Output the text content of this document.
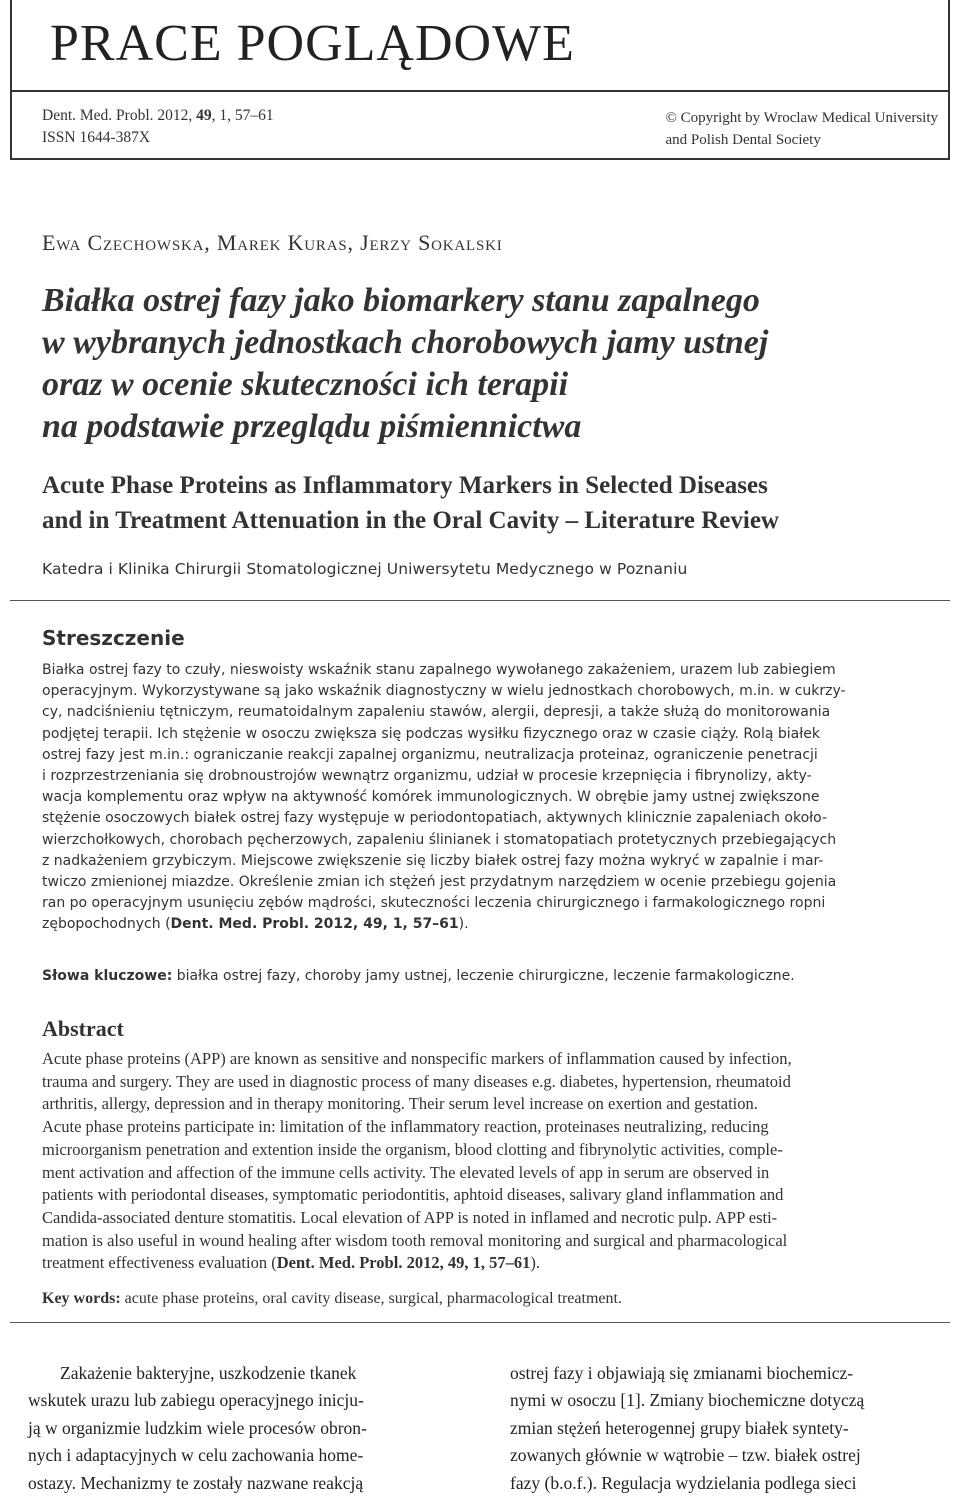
PRACE POGLĄDOWE
Dent. Med. Probl. 2012, 49, 1, 57–61
ISSN 1644-387X
© Copyright by Wroclaw Medical University
and Polish Dental Society
Ewa Czechowska, Marek Kuras, Jerzy Sokalski
Białka ostrej fazy jako biomarkery stanu zapalnego
w wybranych jednostkach chorobowych jamy ustnej
oraz w ocenie skuteczności ich terapii
na podstawie przeglądu piśmiennictwa
Acute Phase Proteins as Inflammatory Markers in Selected Diseases
and in Treatment Attenuation in the Oral Cavity – Literature Review
Katedra i Klinika Chirurgii Stomatologicznej Uniwersytetu Medycznego w Poznaniu
Streszczenie
Białka ostrej fazy to czuły, nieswoisty wskaźnik stanu zapalnego wywołanego zakażeniem, urazem lub zabiegiem
operacyjnym. Wykorzystywane są jako wskaźnik diagnostyczny w wielu jednostkach chorobowych, m.in. w cukrzy-
cy, nadciśnieniu tętniczym, reumatoidalnym zapaleniu stawów, alergii, depresji, a także służą do monitorowania
podjętej terapii. Ich stężenie w osoczu zwiększa się podczas wysiłku fizycznego oraz w czasie ciąży. Rolą białek
ostrej fazy jest m.in.: ograniczanie reakcji zapalnej organizmu, neutralizacja proteinaz, ograniczenie penetracji
i rozprzestrzeniania się drobnoustrojów wewnątrz organizmu, udział w procesie krzepnięcia i fibrynolizy, akty-
wacja komplementu oraz wpływ na aktywność komórek immunologicznych. W obrębie jamy ustnej zwiększone
stężenie osoczowych białek ostrej fazy występuje w periodontopatiach, aktywnych klinicznie zapaleniach około-
wierzchołkowych, chorobach pęcherzowych, zapaleniu ślinianek i stomatopatiach protetycznych przebiegających
z nadkażeniem grzybiczym. Miejscowe zwiększenie się liczby białek ostrej fazy można wykryć w zapalnie i mar-
twiczo zmienionej miazdze. Określenie zmian ich stężeń jest przydatnym narzędziem w ocenie przebiegu gojenia
ran po operacyjnym usunięciu zębów mądrości, skuteczności leczenia chirurgicznego i farmakologicznego ropni
zębopochodnych (Dent. Med. Probl. 2012, 49, 1, 57–61).
Słowa kluczowe: białka ostrej fazy, choroby jamy ustnej, leczenie chirurgiczne, leczenie farmakologiczne.
Abstract
Acute phase proteins (APP) are known as sensitive and nonspecific markers of inflammation caused by infection,
trauma and surgery. They are used in diagnostic process of many diseases e.g. diabetes, hypertension, rheumatoid
arthritis, allergy, depression and in therapy monitoring. Their serum level increase on exertion and gestation.
Acute phase proteins participate in: limitation of the inflammatory reaction, proteinases neutralizing, reducing
microorganism penetration and extention inside the organism, blood clotting and fibrynolytic activities, comple-
ment activation and affection of the immune cells activity. The elevated levels of app in serum are observed in
patients with periodontal diseases, symptomatic periodontitis, aphtoid diseases, salivary gland inflammation and
Candida-associated denture stomatitis. Local elevation of APP is noted in inflamed and necrotic pulp. APP esti-
mation is also useful in wound healing after wisdom tooth removal monitoring and surgical and pharmacological
treatment effectiveness evaluation (Dent. Med. Probl. 2012, 49, 1, 57–61).
Key words: acute phase proteins, oral cavity disease, surgical, pharmacological treatment.
Zakażenie bakteryjne, uszkodzenie tkanek
wskutek urazu lub zabiegu operacyjnego inicju-
ją w organizmie ludzkim wiele procesów obron-
nych i adaptacyjnych w celu zachowania home-
ostazy. Mechanizmy te zostały nazwane reakcją
ostrej fazy i objawiają się zmianami biochemicz-
nymi w osoczu [1]. Zmiany biochemiczne dotyczą
zmian stężeń heterogennej grupy białek syntety-
zowanych głównie w wątrobie – tzw. białek ostrej
fazy (b.o.f.). Regulacja wydzielania podlega sieci
